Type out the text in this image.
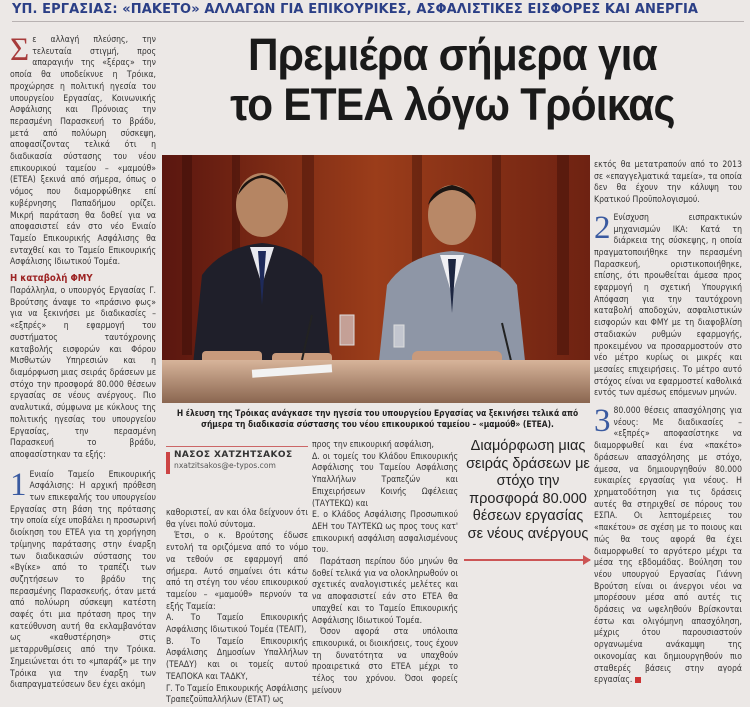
ΥΠ. ΕΡΓΑΣΙΑΣ: «ΠΑΚΕΤΟ» ΑΛΛΑΓΩΝ ΓΙΑ ΕΠΙΚΟΥΡΙΚΕΣ, ΑΣΦΑΛΙΣΤΙΚΕΣ ΕΙΣΦΟΡΕΣ ΚΑΙ ΑΝΕΡΓΙΑ
Πρεμιέρα σήμερα για
το ΕΤΕΑ λόγω Τρόικας

Σε αλλαγή πλεύσης, την τελευταία στιγμή, προς απαραγιήν της «ξέρας» την οποία θα υποδείκνυε η Τρόικα, προχώρησε η πολιτική ηγεσία του υπουργείου Εργασίας, Κοινωνικής Ασφάλισης και Πρόνοιας την περασμένη Παρασκευή το βράδυ, μετά από πολύωρη σύσκεψη, αποφασίζοντας τελικά ότι η διαδικασία σύστασης του νέου επικουρικού ταμείου – «μαμούθ» (ΕΤΕΑ) ξεκινά από σήμερα, όπως ο νόμος που διαμορφώθηκε επί κυβέρνησης Παπαδήμου ορίζει. Μικρή παράταση θα δοθεί για να αποφασιστεί εάν στο νέο Ενιαίο Ταμείο Επικουρικής Ασφάλισης θα ενταχθεί και το Ταμείο Επικουρικής Ασφάλισης Ιδιωτικού Τομέα.

Η καταβολή ΦΜΥ

Παράλληλα, ο υπουργός Εργασίας Γ. Βρούτσης άναψε το «πράσινο φως» για να ξεκινήσει με διαδικασίες – «εξπρές» η εφαρμογή του συστήματος ταυτόχρονης καταβολής εισφορών και Φόρου Μισθωτών Υπηρεσιών και η διαμόρφωση μιας σειράς δράσεων με στόχο την προσφορά 80.000 θέσεων εργασίας σε νέους ανέργους. Πιο αναλυτικά, σύμφωνα με κύκλους της πολιτικής ηγεσίας του υπουργείου Εργασίας, την περασμένη Παρασκευή το βράδυ, αποφασίστηκαν τα εξής:

1 Ενιαίο Ταμείο Επικουρικής Ασφάλισης: Η αρχική πρόθεση των επικεφαλής του υπουργείου Εργασίας στη βάση της πρότασης την οποία είχε υποβάλει η προσωρινή διοίκηση του ΕΤΕΑ για τη χορήγηση τρίμηνης παράτασης στην έναρξη των διαδικασιών σύστασης του «Βγίκε» από το τραπέζι των συζητήσεων το βράδυ της περασμένης Παρασκευής, όταν μετά από πολύωρη σύσκεψη κατέστη σαφές ότι μια πρόταση προς την κατεύθυνση αυτή θα εκλαμβανόταν ως «καθυστέρηση» στις μεταρρυθμίσεις από την Τρόικα. Σημειώνεται ότι το «μπαράζ» με την Τρόικα για την έναρξη των διαπραγματεύσεων δεν έχει ακόμη

Η έλευση της Τρόικας ανάγκασε την ηγεσία του υπουργείου Εργασίας να ξεκινήσει τελικά από σήμερα τη διαδικασία σύστασης του νέου επικουρικού ταμείου – «μαμούθ» (ΕΤΕΑ).
ΝΑΣΟΣ ΧΑΤΖΗΤΣΑΚΟΣ
nxatzitsakos@e-typos.com

καθοριστεί, αν και όλα δείχνουν ότι θα γίνει πολύ σύντομα.

Έτσι, ο κ. Βρούτσης έδωσε εντολή τα οριζόμενα από το νόμο να τεθούν σε εφαρμογή από σήμερα. Αυτό σημαίνει ότι κάτω από τη στέγη του νέου επικουρικού ταμείου – «μαμούθ» περνούν τα εξής Ταμεία:

Α. Το Ταμείο Επικουρικής Ασφάλισης Ιδιωτικού Τομέα (ΤΕΑΙΤ),

Β. Το Ταμείο Επικουρικής Ασφάλισης Δημοσίων Υπαλλήλων (ΤΕΑΔΥ) και οι τομείς αυτού ΤΕΑΠΟΚΑ και ΤΑΔΚΥ,

Γ. Το Ταμείο Επικουρικής Ασφάλισης Τραπεζοϋπαλλήλων (ΕΤΑΤ) ως

προς την επικουρική ασφάλιση,

Δ. οι τομείς του Κλάδου Επικουρικής Ασφάλισης του Ταμείου Ασφάλισης Υπαλλήλων Τραπεζών και Επιχειρήσεων Κοινής Ωφέλειας (ΤΑΥΤΕΚΩ) και

Ε. ο Κλάδος Ασφάλισης Προσωπικού ΔΕΗ του ΤΑΥΤΕΚΩ ως προς τους κατ' επικουρική ασφάλιση ασφαλισμένους του.

Παράταση περίπου δύο μηνών θα δοθεί τελικά για να ολοκληρωθούν οι σχετικές αναλογιστικές μελέτες και να αποφασιστεί εάν στο ΕΤΕΑ θα υπαχθεί και το Ταμείο Επικουρικής Ασφάλισης Ιδιωτικού Τομέα.

Όσον αφορά στα υπόλοιπα επικουρικά, οι διοικήσεις, τους έχουν τη δυνατότητα να υπαχθούν προαιρετικά στο ΕΤΕΑ μέχρι το τέλος του χρόνου. Όσοι φορείς μείνουν

Διαμόρφωση μιας σειράς δράσεων με στόχο την προσφορά 80.000 θέσεων εργασίας σε νέους ανέργους

εκτός θα μετατραπούν από το 2013 σε «επαγγελματικά ταμεία», τα οποία δεν θα έχουν την κάλυψη του Κρατικού Προϋπολογισμού.

2 Ενίσχυση εισπρακτικών μηχανισμών ΙΚΑ: Κατά τη διάρκεια της σύσκεψης, η οποία πραγματοποιήθηκε την περασμένη Παρασκευή, οριστικοποιήθηκε, επίσης, ότι προωθείται άμεσα προς εφαρμογή η σχετική Υπουργική Απόφαση για την ταυτόχρονη καταβολή αποδοχών, ασφαλιστικών εισφορών και ΦΜΥ με τη διαφοβλίση σταδιακών ρυθμών εφαρμογής, προκειμένου να προσαρμοστούν στο νέο μέτρο κυρίως οι μικρές και μεσαίες επιχειρήσεις. Το μέτρο αυτό στόχος είναι να εφαρμοστεί καθολικά εντός των αμέσως επόμενων μηνών.

3 80.000 θέσεις απασχόλησης για νέους: Με διαδικασίες – «εξπρές» αποφασίστηκε να διαμορφωθεί και ένα «πακέτο» δράσεων απασχόλησης με στόχο, άμεσα, να δημιουργηθούν 80.000 ευκαιρίες εργασίας για νέους. Η χρηματοδότηση για τις δράσεις αυτές θα στηριχθεί σε πόρους του ΕΣΠΑ. Οι λεπτομέρειες του «πακέτου» σε σχέση με το ποιους και πώς θα τους αφορά θα έχει διαμορφωθεί το αργότερο μέχρι τα μέσα της εβδομάδας. Βούληση του νέου υπουργού Εργασίας Γιάννη Βρούτση είναι οι άνεργοι νέοι να μπορέσουν μέσα από αυτές τις δράσεις να ωφεληθούν Βρίσκονται έστω και ολιγόμηνη απασχόληση, μέχρις ότου παρουσιαστούν οργανωμένα ανάκαμψη της οικονομίας και δημιουργηθούν πιο σταθερές βάσεις στην αγορά εργασίας.
